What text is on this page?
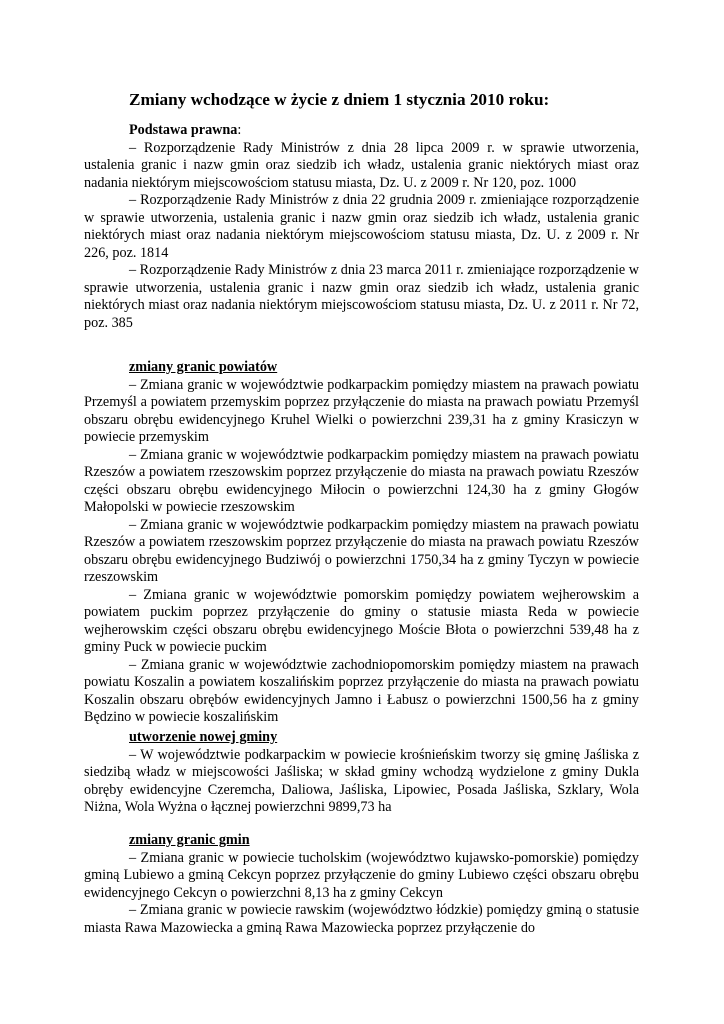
Zmiany wchodzące w życie z dniem 1 stycznia 2010 roku:

Podstawa prawna:

– Rozporządzenie Rady Ministrów z dnia 28 lipca 2009 r. w sprawie utworzenia, ustalenia granic i nazw gmin oraz siedzib ich władz, ustalenia granic niektórych miast oraz nadania niektórym miejscowościom statusu miasta, Dz. U. z 2009 r. Nr 120, poz. 1000

– Rozporządzenie Rady Ministrów z dnia 22 grudnia 2009 r. zmieniające rozporządzenie w sprawie utworzenia, ustalenia granic i nazw gmin oraz siedzib ich władz, ustalenia granic niektórych miast oraz nadania niektórym miejscowościom statusu miasta, Dz. U. z 2009 r. Nr 226, poz. 1814

– Rozporządzenie Rady Ministrów z dnia 23 marca 2011 r. zmieniające rozporządzenie w sprawie utworzenia, ustalenia granic i nazw gmin oraz siedzib ich władz, ustalenia granic niektórych miast oraz nadania niektórym miejscowościom statusu miasta, Dz. U. z 2011 r. Nr 72, poz. 385

zmiany granic powiatów

– Zmiana granic w województwie podkarpackim pomiędzy miastem na prawach powiatu Przemyśl a powiatem przemyskim poprzez przyłączenie do miasta na prawach powiatu Przemyśl obszaru obrębu ewidencyjnego Kruhel Wielki o powierzchni 239,31 ha z gminy Krasiczyn w powiecie przemyskim

– Zmiana granic w województwie podkarpackim pomiędzy miastem na prawach powiatu Rzeszów a powiatem rzeszowskim poprzez przyłączenie do miasta na prawach powiatu Rzeszów części obszaru obrębu ewidencyjnego Miłocin o powierzchni 124,30 ha z gminy Głogów Małopolski w powiecie rzeszowskim

– Zmiana granic w województwie podkarpackim pomiędzy miastem na prawach powiatu Rzeszów a powiatem rzeszowskim poprzez przyłączenie do miasta na prawach powiatu Rzeszów obszaru obrębu ewidencyjnego Budziwój o powierzchni 1750,34 ha z gminy Tyczyn w powiecie rzeszowskim

– Zmiana granic w województwie pomorskim pomiędzy powiatem wejherowskim a powiatem puckim poprzez przyłączenie do gminy o statusie miasta Reda w powiecie wejherowskim części obszaru obrębu ewidencyjnego Moście Błota o powierzchni 539,48 ha z gminy Puck w powiecie puckim

– Zmiana granic w województwie zachodniopomorskim pomiędzy miastem na prawach powiatu Koszalin a powiatem koszalińskim poprzez przyłączenie do miasta na prawach powiatu Koszalin obszaru obrębów ewidencyjnych Jamno i Łabusz o powierzchni 1500,56 ha z gminy Będzino w powiecie koszalińskim

utworzenie nowej gminy

– W województwie podkarpackim w powiecie krośnieńskim tworzy się gminę Jaśliska z siedzibą władz w miejscowości Jaśliska; w skład gminy wchodzą wydzielone z gminy Dukla obręby ewidencyjne Czeremcha, Daliowa, Jaśliska, Lipowiec, Posada Jaśliska, Szklary, Wola Niżna, Wola Wyżna o łącznej powierzchni 9899,73 ha

zmiany granic gmin

– Zmiana granic w powiecie tucholskim (województwo kujawsko-pomorskie) pomiędzy gminą Lubiewo a gminą Cekcyn poprzez przyłączenie do gminy Lubiewo części obszaru obrębu ewidencyjnego Cekcyn o powierzchni 8,13 ha z gminy Cekcyn

– Zmiana granic w powiecie rawskim (województwo łódzkie) pomiędzy gminą o statusie miasta Rawa Mazowiecka a gminą Rawa Mazowiecka poprzez przyłączenie do
